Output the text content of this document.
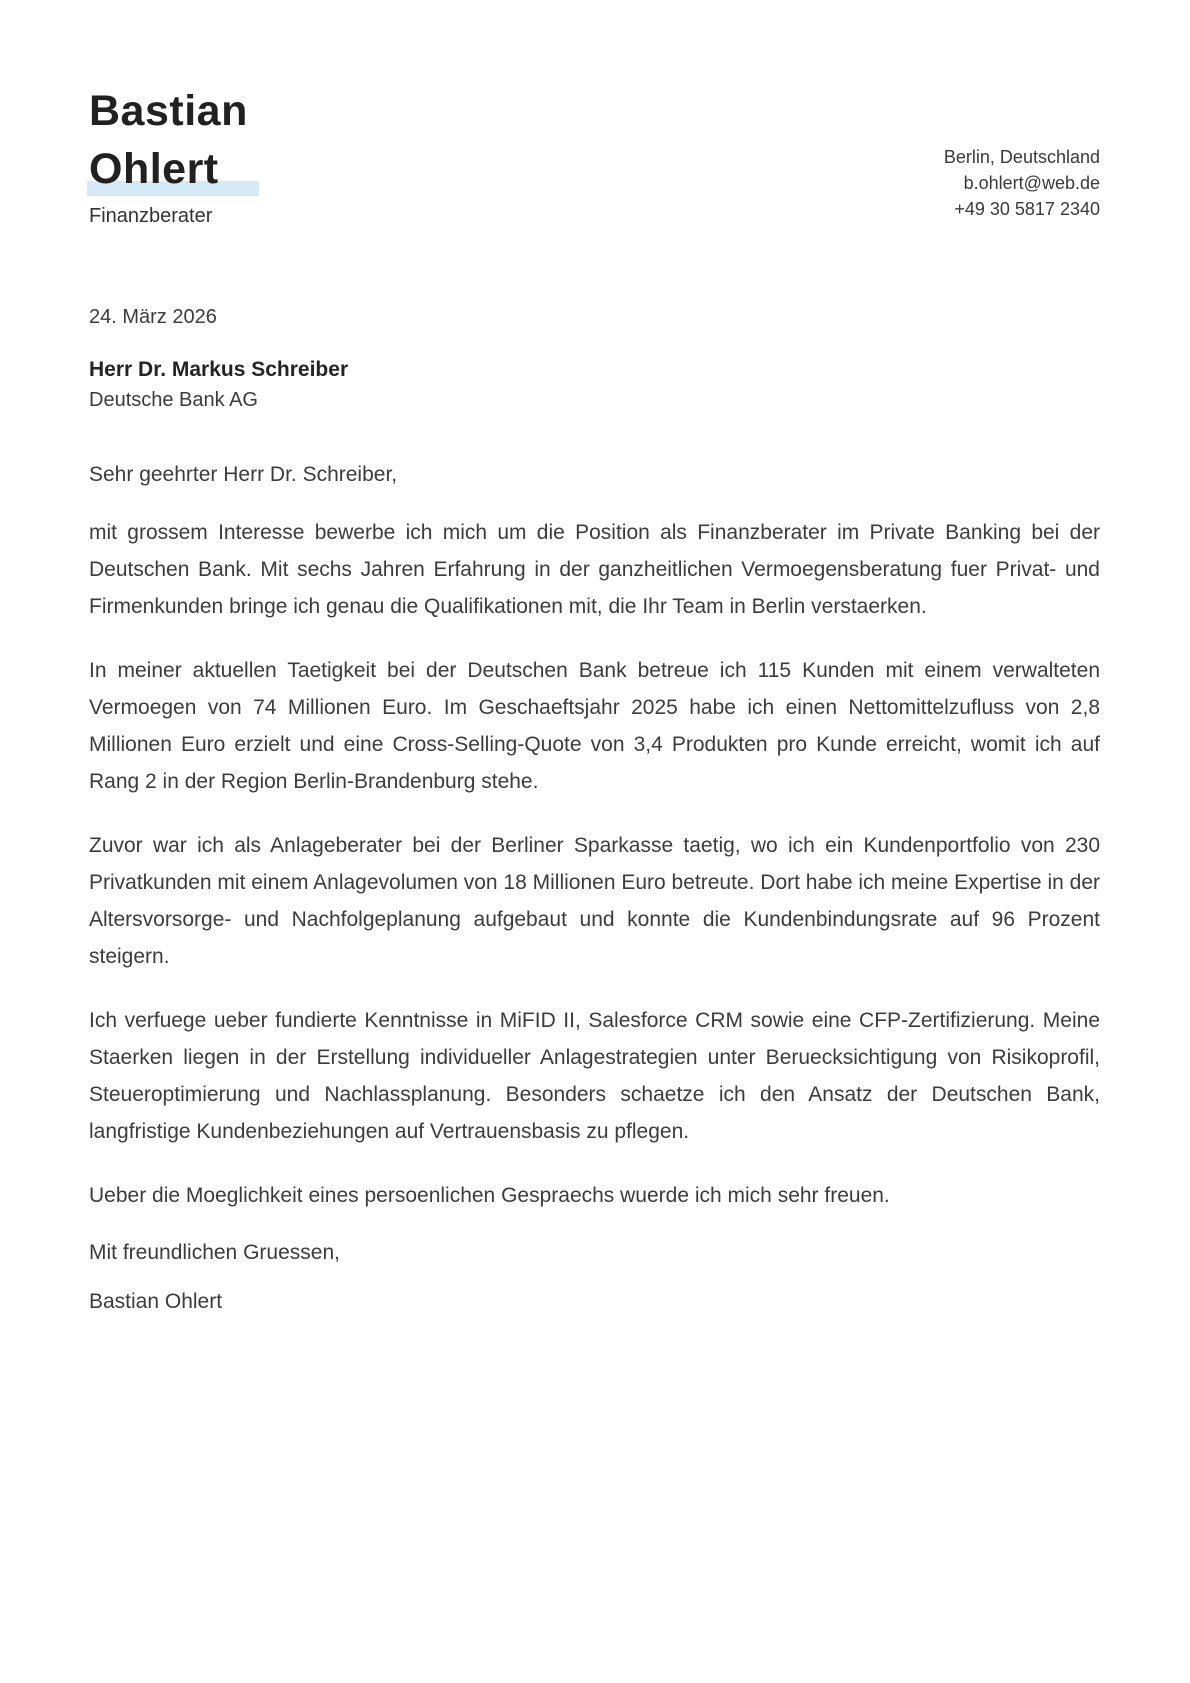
Bastian
Ohlert
Finanzberater
Berlin, Deutschland
b.ohlert@web.de
+49 30 5817 2340
24. März 2026
Herr Dr. Markus Schreiber
Deutsche Bank AG

Sehr geehrter Herr Dr. Schreiber,

mit grossem Interesse bewerbe ich mich um die Position als Finanzberater im Private Banking bei der Deutschen Bank. Mit sechs Jahren Erfahrung in der ganzheitlichen Vermoegensberatung fuer Privat- und Firmenkunden bringe ich genau die Qualifikationen mit, die Ihr Team in Berlin verstaerken.

In meiner aktuellen Taetigkeit bei der Deutschen Bank betreue ich 115 Kunden mit einem verwalteten Vermoegen von 74 Millionen Euro. Im Geschaeftsjahr 2025 habe ich einen Nettomittelzufluss von 2,8 Millionen Euro erzielt und eine Cross-Selling-Quote von 3,4 Produkten pro Kunde erreicht, womit ich auf Rang 2 in der Region Berlin-Brandenburg stehe.

Zuvor war ich als Anlageberater bei der Berliner Sparkasse taetig, wo ich ein Kundenportfolio von 230 Privatkunden mit einem Anlagevolumen von 18 Millionen Euro betreute. Dort habe ich meine Expertise in der Altersvorsorge- und Nachfolgeplanung aufgebaut und konnte die Kundenbindungsrate auf 96 Prozent steigern.

Ich verfuege ueber fundierte Kenntnisse in MiFID II, Salesforce CRM sowie eine CFP-Zertifizierung. Meine Staerken liegen in der Erstellung individueller Anlagestrategien unter Beruecksichtigung von Risikoprofil, Steueroptimierung und Nachlassplanung. Besonders schaetze ich den Ansatz der Deutschen Bank, langfristige Kundenbeziehungen auf Vertrauensbasis zu pflegen.

Ueber die Moeglichkeit eines persoenlichen Gespraechs wuerde ich mich sehr freuen.

Mit freundlichen Gruessen,

Bastian Ohlert
